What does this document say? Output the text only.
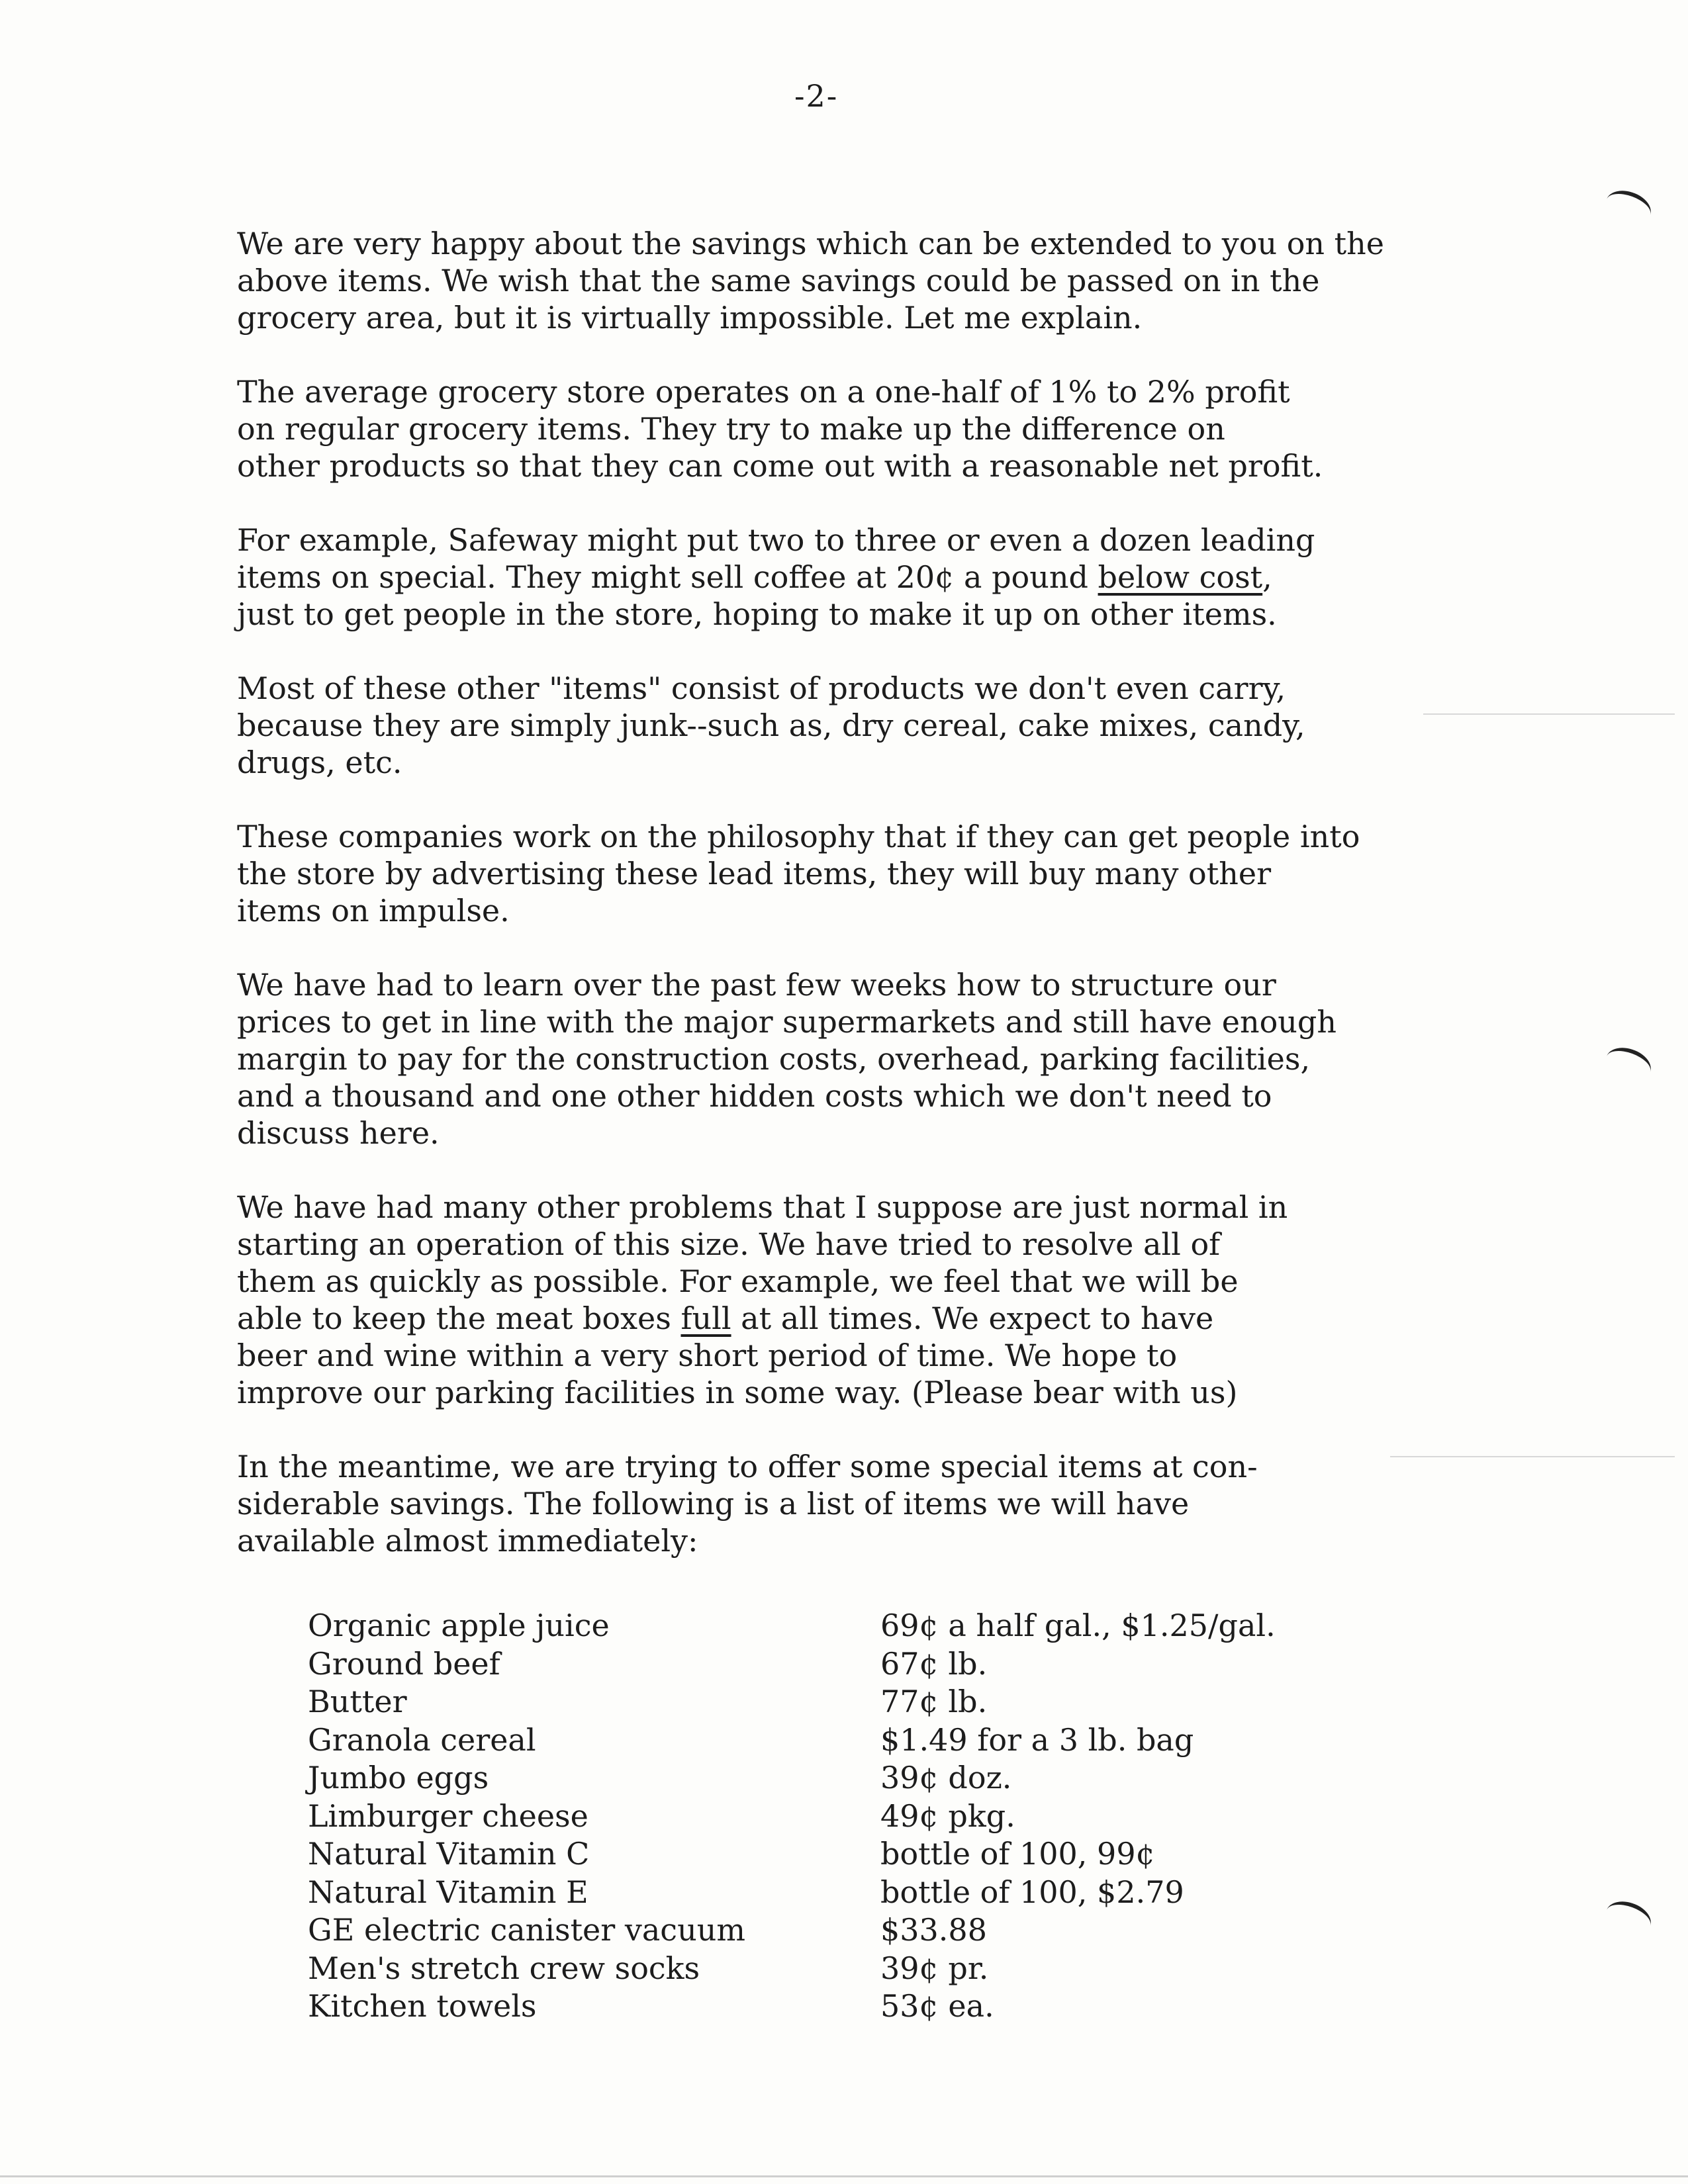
-2-

We are very happy about the savings which can be extended to you on the
above items. We wish that the same savings could be passed on in the
grocery area, but it is virtually impossible. Let me explain.

The average grocery store operates on a one-half of 1% to 2% profit
on regular grocery items. They try to make up the difference on
other products so that they can come out with a reasonable net profit.

For example, Safeway might put two to three or even a dozen leading
items on special. They might sell coffee at 20¢ a pound below cost,
just to get people in the store, hoping to make it up on other items.

Most of these other "items" consist of products we don't even carry,
because they are simply junk--such as, dry cereal, cake mixes, candy,
drugs, etc.

These companies work on the philosophy that if they can get people into
the store by advertising these lead items, they will buy many other
items on impulse.

We have had to learn over the past few weeks how to structure our
prices to get in line with the major supermarkets and still have enough
margin to pay for the construction costs, overhead, parking facilities,
and a thousand and one other hidden costs which we don't need to
discuss here.

We have had many other problems that I suppose are just normal in
starting an operation of this size. We have tried to resolve all of
them as quickly as possible. For example, we feel that we will be
able to keep the meat boxes full at all times. We expect to have
beer and wine within a very short period of time. We hope to
improve our parking facilities in some way. (Please bear with us)

In the meantime, we are trying to offer some special items at con-
siderable savings. The following is a list of items we will have
available almost immediately:

Organic apple juice	69¢ a half gal., $1.25/gal.
Ground beef	67¢ lb.
Butter	77¢ lb.
Granola cereal	$1.49 for a 3 lb. bag
Jumbo eggs	39¢ doz.
Limburger cheese	49¢ pkg.
Natural Vitamin C	bottle of 100, 99¢
Natural Vitamin E	bottle of 100, $2.79
GE electric canister vacuum	$33.88
Men's stretch crew socks	39¢ pr.
Kitchen towels	53¢ ea.
